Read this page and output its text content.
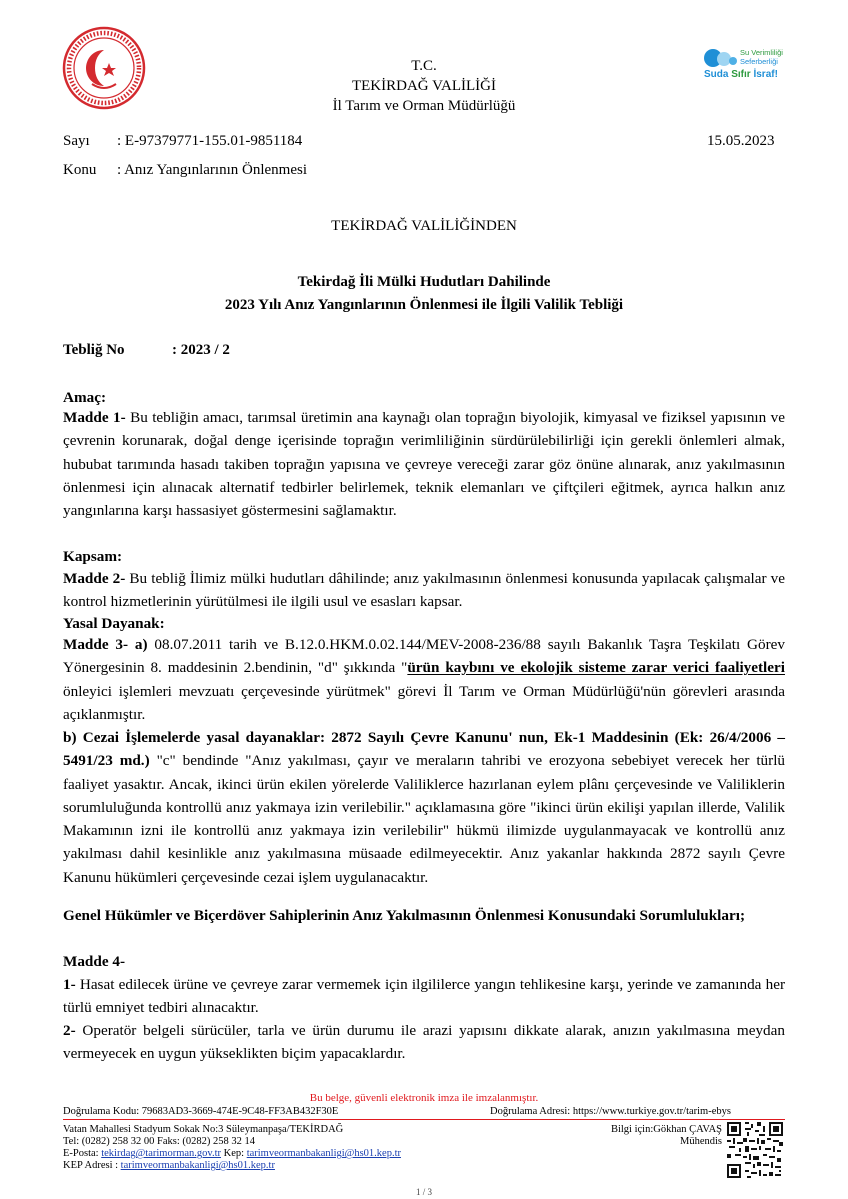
T.C.
TEKİRDAĞ VALİLİĞİ
İl Tarım ve Orman Müdürlüğü
Su Verimliliği
Seferberliği
Suda Sıfır İsraf!
Sayı : E-97379771-155.01-9851184	15.05.2023
Konu : Anız Yangınlarının Önlenmesi
TEKİRDAĞ VALİLİĞİNDEN
Tekirdağ İli Mülki Hudutları Dahilinde
2023 Yılı Anız Yangınlarının Önlenmesi ile İlgili Valilik Tebliği
Tebliğ No	: 2023 / 2
Amaç:

Madde 1- Bu tebliğin amacı, tarımsal üretimin ana kaynağı olan toprağın biyolojik, kimyasal ve fiziksel yapısının ve çevrenin korunarak, doğal denge içerisinde toprağın verimliliğinin sürdürülebilirliği için gerekli önlemleri almak, hububat tarımında hasadı takiben toprağın yapısına ve çevreye vereceği zarar göz önüne alınarak, anız yakılmasının önlenmesi için alınacak alternatif tedbirler belirlemek, teknik elemanları ve çiftçileri eğitmek, ayrıca halkın anız yangınlarına karşı hassasiyet göstermesini sağlamaktır.

Kapsam:

Madde 2- Bu tebliğ İlimiz mülki hudutları dâhilinde; anız yakılmasının önlenmesi konusunda yapılacak çalışmalar ve kontrol hizmetlerinin yürütülmesi ile ilgili usul ve esasları kapsar.

Yasal Dayanak:

Madde 3- a) 08.07.2011 tarih ve B.12.0.HKM.0.02.144/MEV-2008-236/88 sayılı Bakanlık Taşra Teşkilatı Görev Yönergesinin 8. maddesinin 2.bendinin, "d" şıkkında "ürün kaybını ve ekolojik sisteme zarar verici faaliyetleri önleyici işlemleri mevzuatı çerçevesinde yürütmek" görevi İl Tarım ve Orman Müdürlüğü'nün görevleri arasında açıklanmıştır.

b) Cezai İşlemelerde yasal dayanaklar: 2872 Sayılı Çevre Kanunu' nun, Ek-1 Maddesinin (Ek: 26/4/2006 – 5491/23 md.) "c" bendinde "Anız yakılması, çayır ve meraların tahribi ve erozyona sebebiyet verecek her türlü faaliyet yasaktır. Ancak, ikinci ürün ekilen yörelerde Valiliklerce hazırlanan eylem plânı çerçevesinde ve Valiliklerin sorumluluğunda kontrollü anız yakmaya izin verilebilir." açıklamasına göre "ikinci ürün ekilişi yapılan illerde, Valilik Makamının izni ile kontrollü anız yakmaya izin verilebilir" hükmü ilimizde uygulanmayacak ve kontrollü anız yakılması dahil kesinlikle anız yakılmasına müsaade edilmeyecektir. Anız yakanlar hakkında 2872 sayılı Çevre Kanunu hükümleri çerçevesinde cezai işlem uygulanacaktır.

Genel Hükümler ve Biçerdöver Sahiplerinin Anız Yakılmasının Önlenmesi Konusundaki Sorumlulukları;

Madde 4-

1- Hasat edilecek ürüne ve çevreye zarar vermemek için ilgililerce yangın tehlikesine karşı, yerinde ve zamanında her türlü emniyet tedbiri alınacaktır.

2- Operatör belgeli sürücüler, tarla ve ürün durumu ile arazi yapısını dikkate alarak, anızın yakılmasına meydan vermeyecek en uygun yükseklikten biçim yapacaklardır.

Bu belge, güvenli elektronik imza ile imzalanmıştır.
Doğrulama Kodu: 79683AD3-3669-474E-9C48-FF3AB432F30E	Doğrulama Adresi: https://www.turkiye.gov.tr/tarim-ebys
Vatan Mahallesi Stadyum Sokak No:3 Süleymanpaşa/TEKİRDAĞ
Tel: (0282) 258 32 00 Faks: (0282) 258 32 14
E-Posta: tekirdag@tarimorman.gov.tr Kep: tarimveormanbakanligi@hs01.kep.tr
KEP Adresi : tarimveormanbakanligi@hs01.kep.tr
Bilgi için:Gökhan ÇAVAŞ
Mühendis
1 / 3
